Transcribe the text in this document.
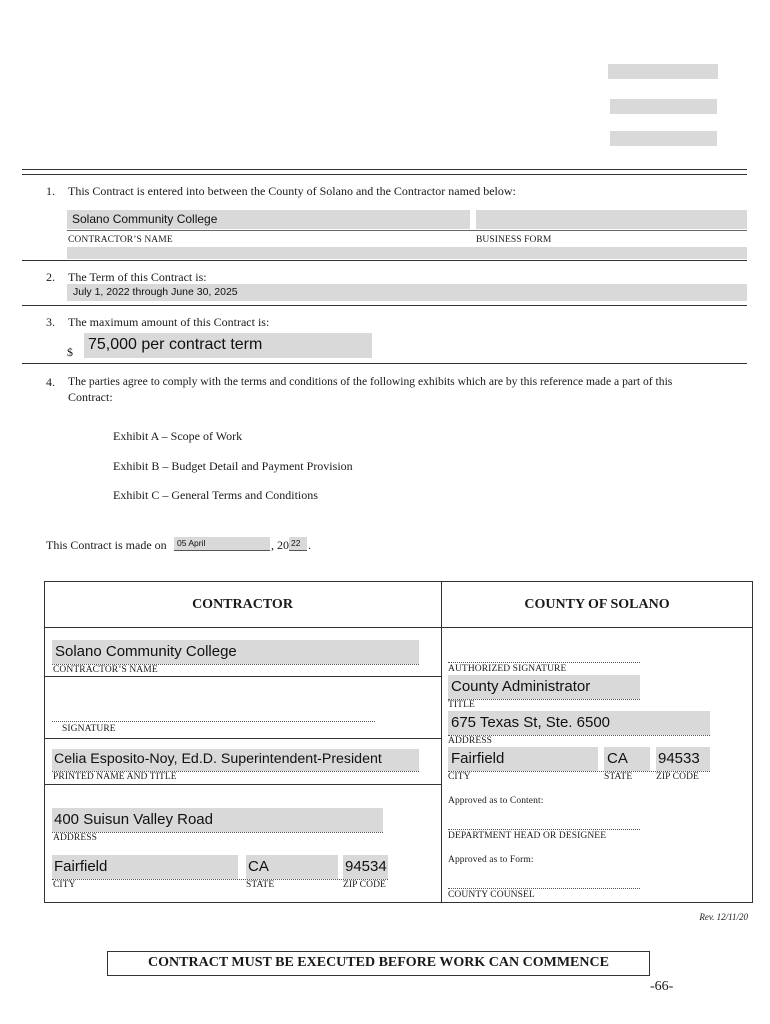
1. This Contract is entered into between the County of Solano and the Contractor named below:
Solano Community College
CONTRACTOR’S NAME	BUSINESS FORM
2. The Term of this Contract is:
July 1, 2022 through June 30, 2025
3. The maximum amount of this Contract is:
$ 75,000 per contract term
4. The parties agree to comply with the terms and conditions of the following exhibits which are by this reference made a part of this
Contract:
Exhibit A – Scope of Work
Exhibit B – Budget Detail and Payment Provision
Exhibit C – General Terms and Conditions
This Contract is made on	05 April	, 20 22 .
CONTRACTOR	COUNTY OF SOLANO
Solano Community College
CONTRACTOR’S NAME
SIGNATURE
Celia Esposito-Noy, Ed.D. Superintendent-President
PRINTED NAME AND TITLE
400 Suisun Valley Road
ADDRESS
Fairfield	CA	94534
CITY	STATE	ZIP CODE
AUTHORIZED SIGNATURE
County Administrator
TITLE
675 Texas St, Ste. 6500
ADDRESS
Fairfield	CA	94533
CITY	STATE	ZIP CODE
Approved as to Content:
DEPARTMENT HEAD OR DESIGNEE
Approved as to Form:
COUNTY COUNSEL
Rev. 12/11/20
CONTRACT MUST BE EXECUTED BEFORE WORK CAN COMMENCE
-66-
